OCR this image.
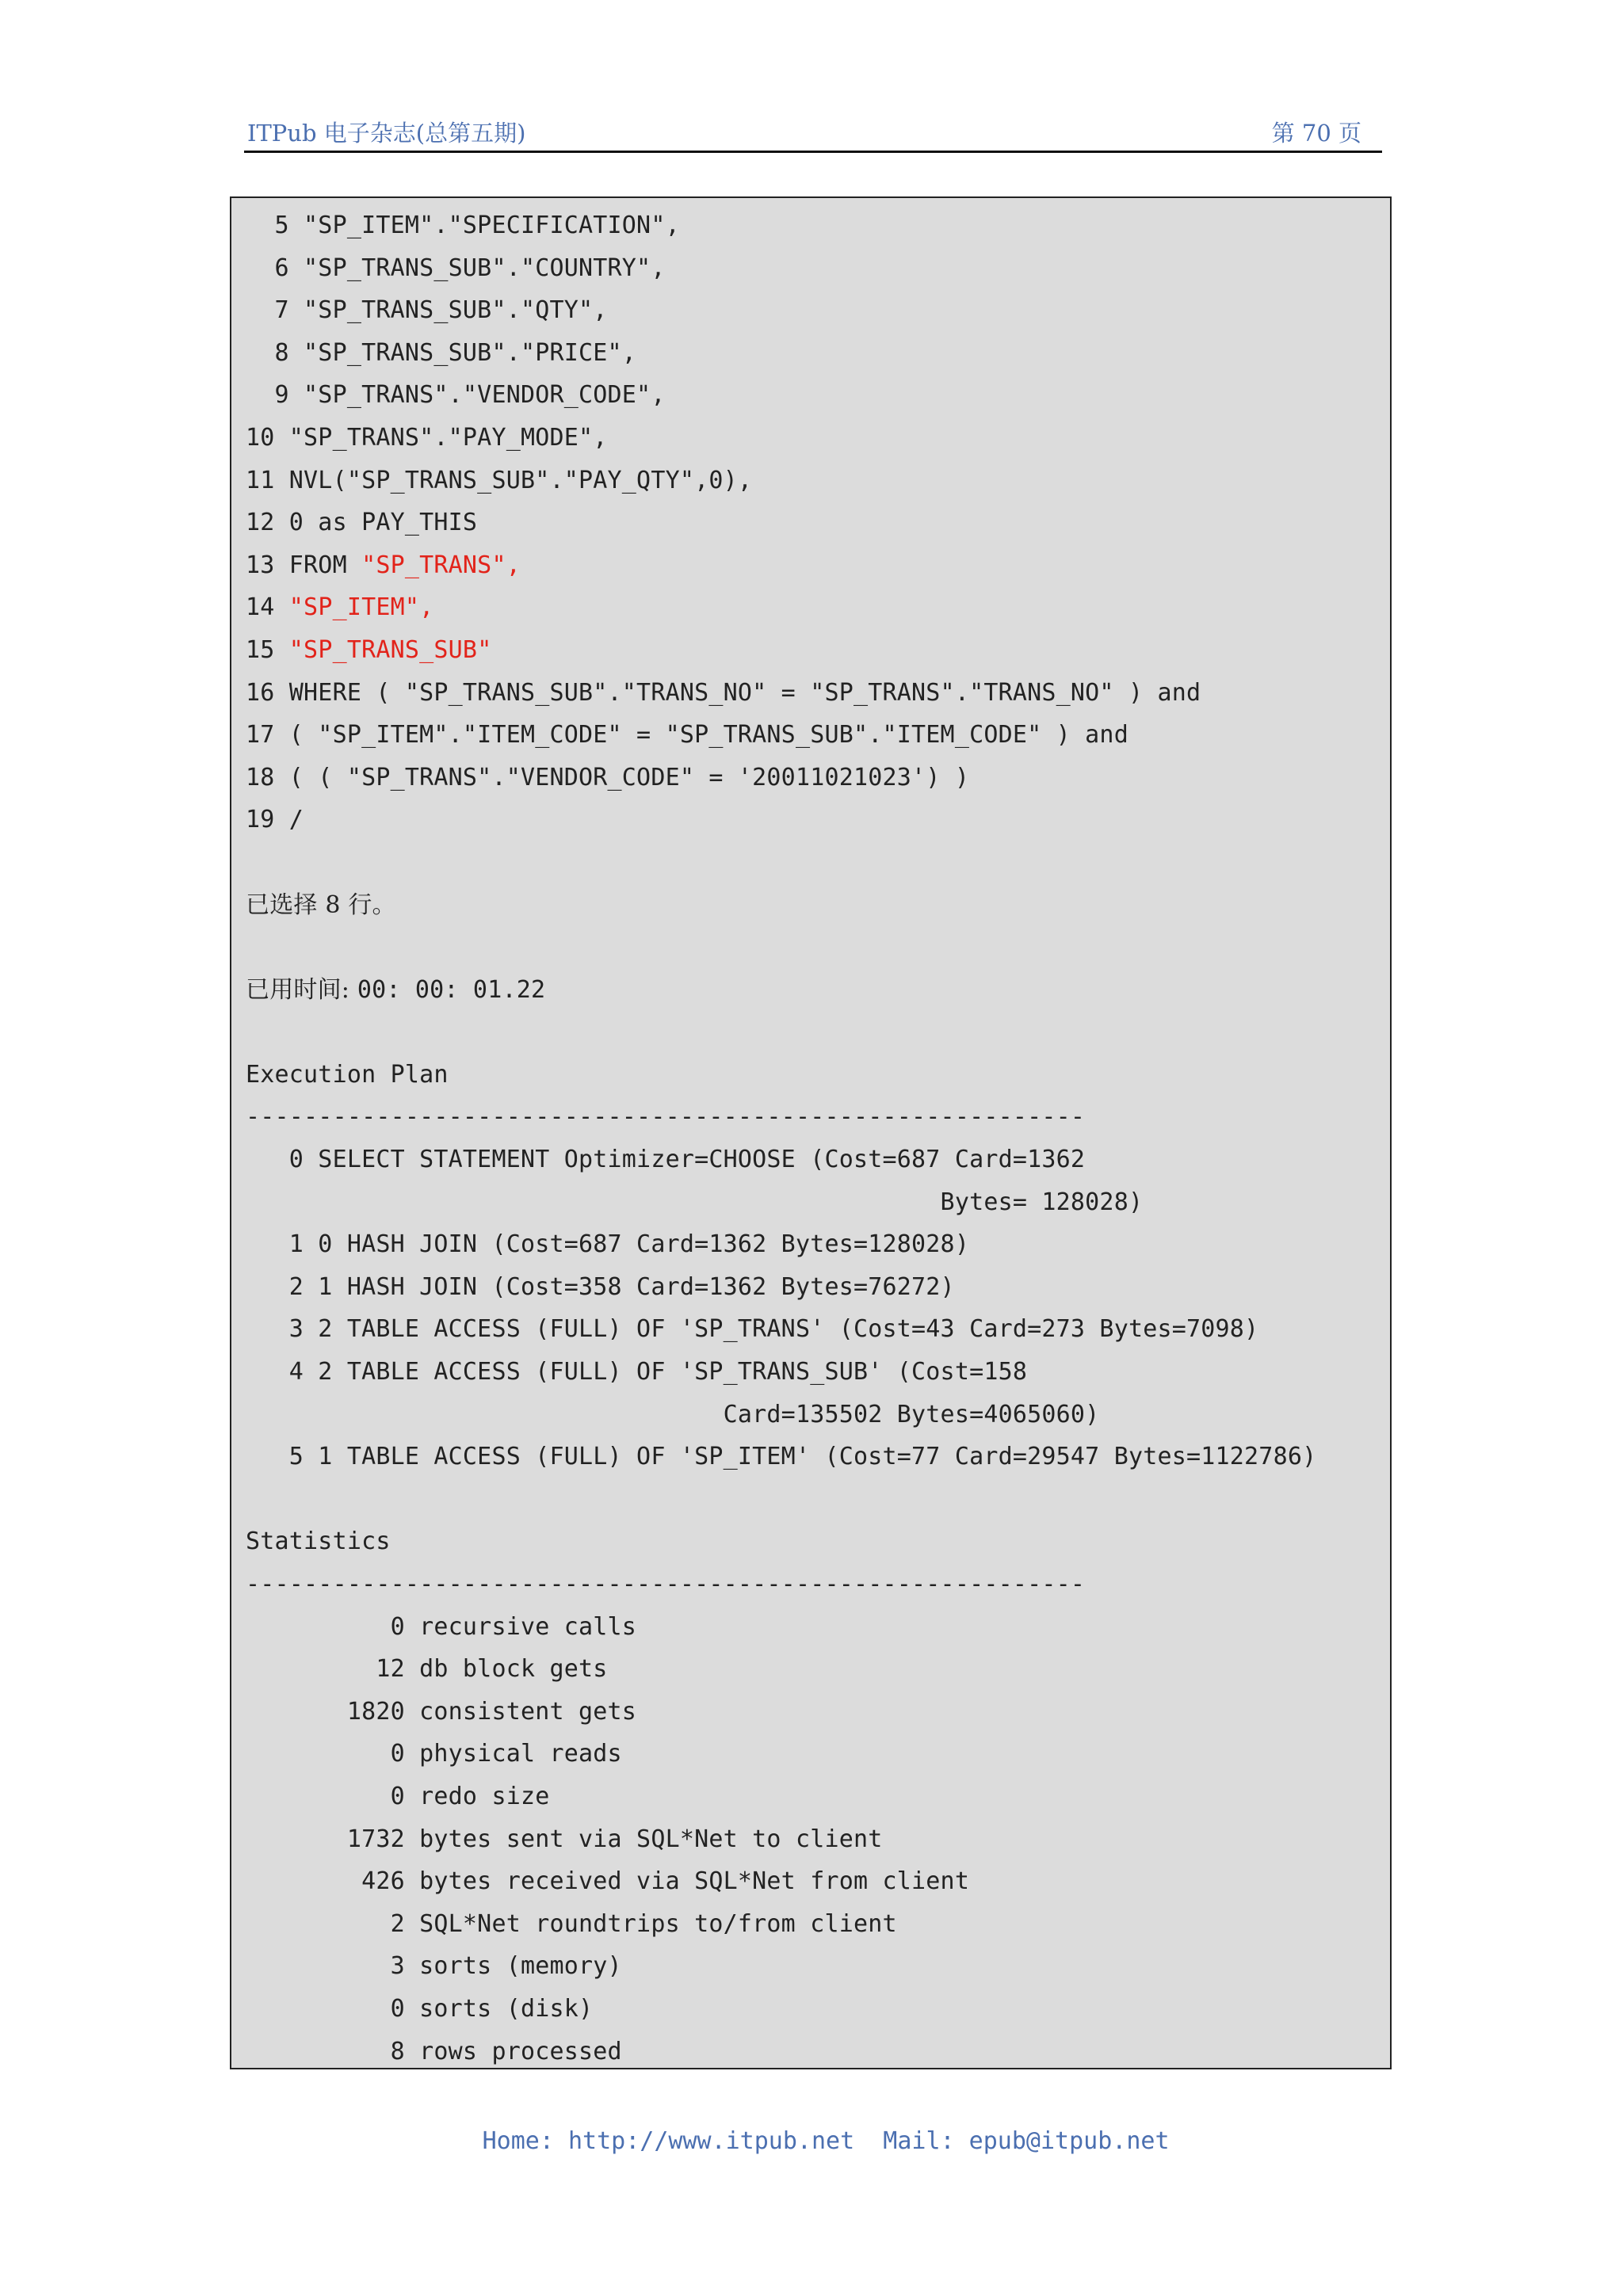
ITPub 电子杂志(总第五期)	第 70 页
5 "SP_ITEM"."SPECIFICATION",
6 "SP_TRANS_SUB"."COUNTRY",
7 "SP_TRANS_SUB"."QTY",
8 "SP_TRANS_SUB"."PRICE",
9 "SP_TRANS"."VENDOR_CODE",
10 "SP_TRANS"."PAY_MODE",
11 NVL("SP_TRANS_SUB"."PAY_QTY",0),
12 0 as PAY_THIS
13 FROM "SP_TRANS",
14 "SP_ITEM",
15 "SP_TRANS_SUB"
16 WHERE ( "SP_TRANS_SUB"."TRANS_NO" = "SP_TRANS"."TRANS_NO" ) and
17 ( "SP_ITEM"."ITEM_CODE" = "SP_TRANS_SUB"."ITEM_CODE" ) and
18 ( ( "SP_TRANS"."VENDOR_CODE" = '20011021023') )
19 /
已选择 8 行。
已用时间: 00: 00: 01.22
Execution Plan
----------------------------------------------------------
0 SELECT STATEMENT Optimizer=CHOOSE (Cost=687 Card=1362
Bytes= 128028)
1 0 HASH JOIN (Cost=687 Card=1362 Bytes=128028)
2 1 HASH JOIN (Cost=358 Card=1362 Bytes=76272)
3 2 TABLE ACCESS (FULL) OF 'SP_TRANS' (Cost=43 Card=273 Bytes=7098)
4 2 TABLE ACCESS (FULL) OF 'SP_TRANS_SUB' (Cost=158
Card=135502 Bytes=4065060)
5 1 TABLE ACCESS (FULL) OF 'SP_ITEM' (Cost=77 Card=29547 Bytes=1122786)
Statistics
----------------------------------------------------------
0 recursive calls
12 db block gets
1820 consistent gets
0 physical reads
0 redo size
1732 bytes sent via SQL*Net to client
426 bytes received via SQL*Net from client
2 SQL*Net roundtrips to/from client
3 sorts (memory)
0 sorts (disk)
8 rows processed

Home: http://www.itpub.net  Mail: epub@itpub.net
